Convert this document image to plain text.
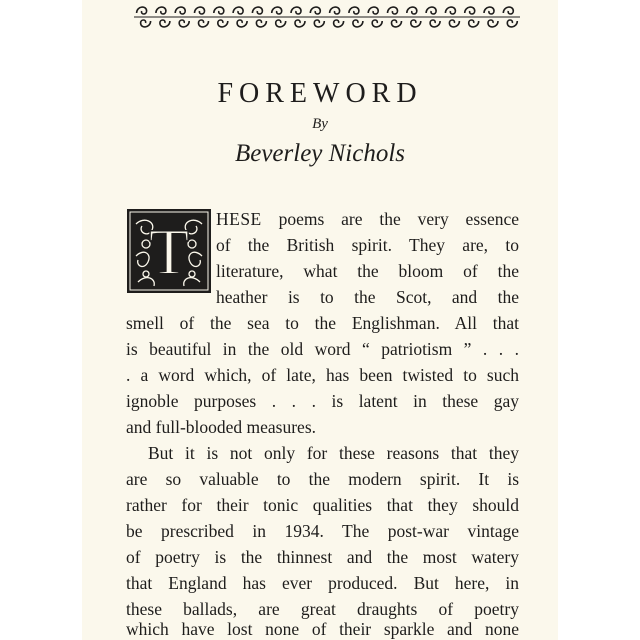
FOREWORD
By
Beverley Nichols
T HESE poems are the very essence
of the British spirit. They are, to
literature, what the bloom of the
heather is to the Scot, and the
smell of the sea to the Englishman. All that
is beautiful in the old word “ patriotism ” . . .
. a word which, of late, has been twisted to such
ignoble purposes . . . is latent in these gay
and full-blooded measures.
But it is not only for these reasons that they
are so valuable to the modern spirit. It is
rather for their tonic qualities that they should
be prescribed in 1934. The post-war vintage
of poetry is the thinnest and the most watery
that England has ever produced. But here, in
these ballads, are great draughts of poetry
which have lost none of their sparkle and none
